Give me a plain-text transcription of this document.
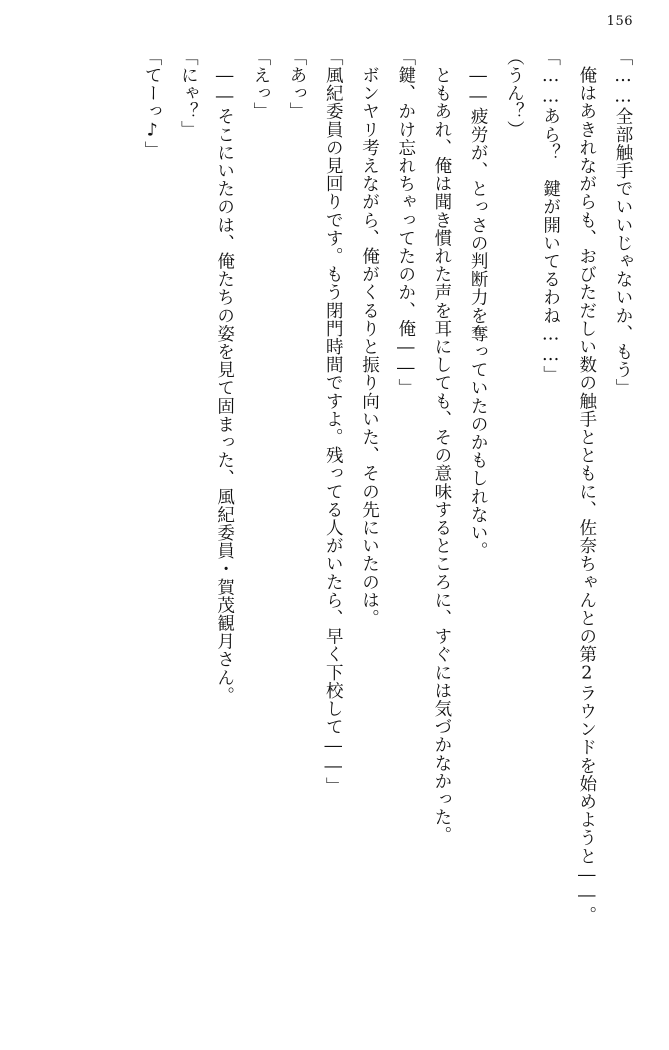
156

「……全部触手でいいじゃないか、もう」

　俺はあきれながらも、おびただしい数の触手とともに、佐奈ちゃんとの第2ラウンドを始めようと――。

「……あら？　鍵が開いてるわね……」

（うん？）

　――疲労が、とっさの判断力を奪っていたのかもしれない。

　ともあれ、俺は聞き慣れた声を耳にしても、その意味するところに、すぐには気づかなかった。

「鍵、かけ忘れちゃってたのか、俺――」

　ボンヤリ考えながら、俺がくるりと振り向いた、その先にいたのは。

「風紀委員の見回りです。もう閉門時間ですよ。残ってる人がいたら、早く下校して――」

「あっ」

「えっ」

　――そこにいたのは、俺たちの姿を見て固まった、風紀委員・賀茂観月さん。

「にゃ？」

「てーっ♪」
